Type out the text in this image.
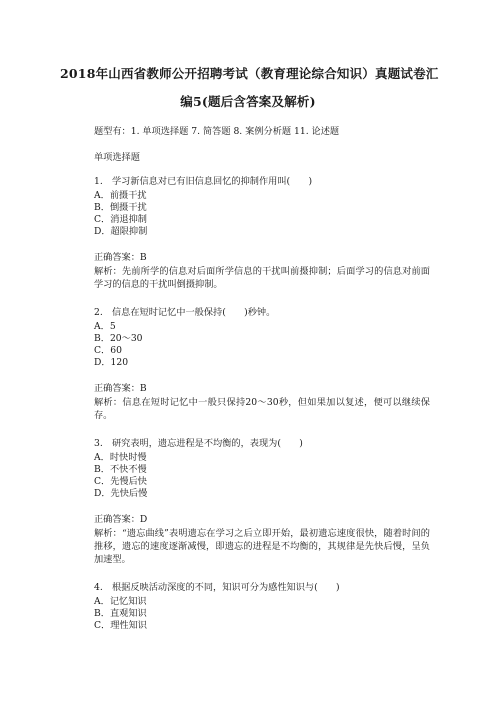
2018年山西省教师公开招聘考试（教育理论综合知识）真题试卷汇
编5(题后含答案及解析)
题型有：1. 单项选择题 7. 简答题 8. 案例分析题 11. 论述题
单项选择题
1.　学习新信息对已有旧信息回忆的抑制作用叫(　　)
A．前摄干扰
B．倒摄干扰
C．消退抑制
D．超限抑制
正确答案：B
解析：先前所学的信息对后面所学信息的干扰叫前摄抑制；后面学习的信息对前面学习的信息的干扰叫倒摄抑制。
2.　信息在短时记忆中一般保持(　　)秒钟。
A．5
B．20～30
C．60
D．120
正确答案：B
解析：信息在短时记忆中一般只保持20～30秒，但如果加以复述，便可以继续保存。
3.　研究表明，遗忘进程是不均衡的，表现为(　　)
A．时快时慢
B．不快不慢
C．先慢后快
D．先快后慢
正确答案：D
解析：“遗忘曲线”表明遗忘在学习之后立即开始，最初遗忘速度很快，随着时间的推移，遗忘的速度逐渐减慢，即遗忘的进程是不均衡的，其规律是先快后慢，呈负加速型。
4.　根据反映活动深度的不同，知识可分为感性知识与(　　)
A．记忆知识
B．直观知识
C．理性知识
